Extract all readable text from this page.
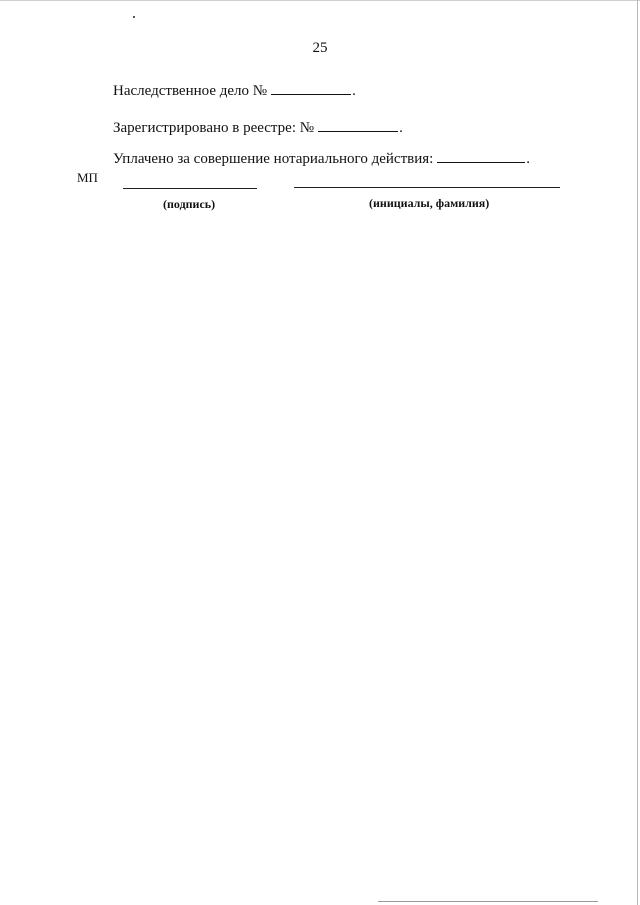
25
Наследственное дело №	.
Зарегистрировано в реестре: №	.
Уплачено за совершение нотариального действия:	.
МП
(подпись)	(инициалы, фамилия)
